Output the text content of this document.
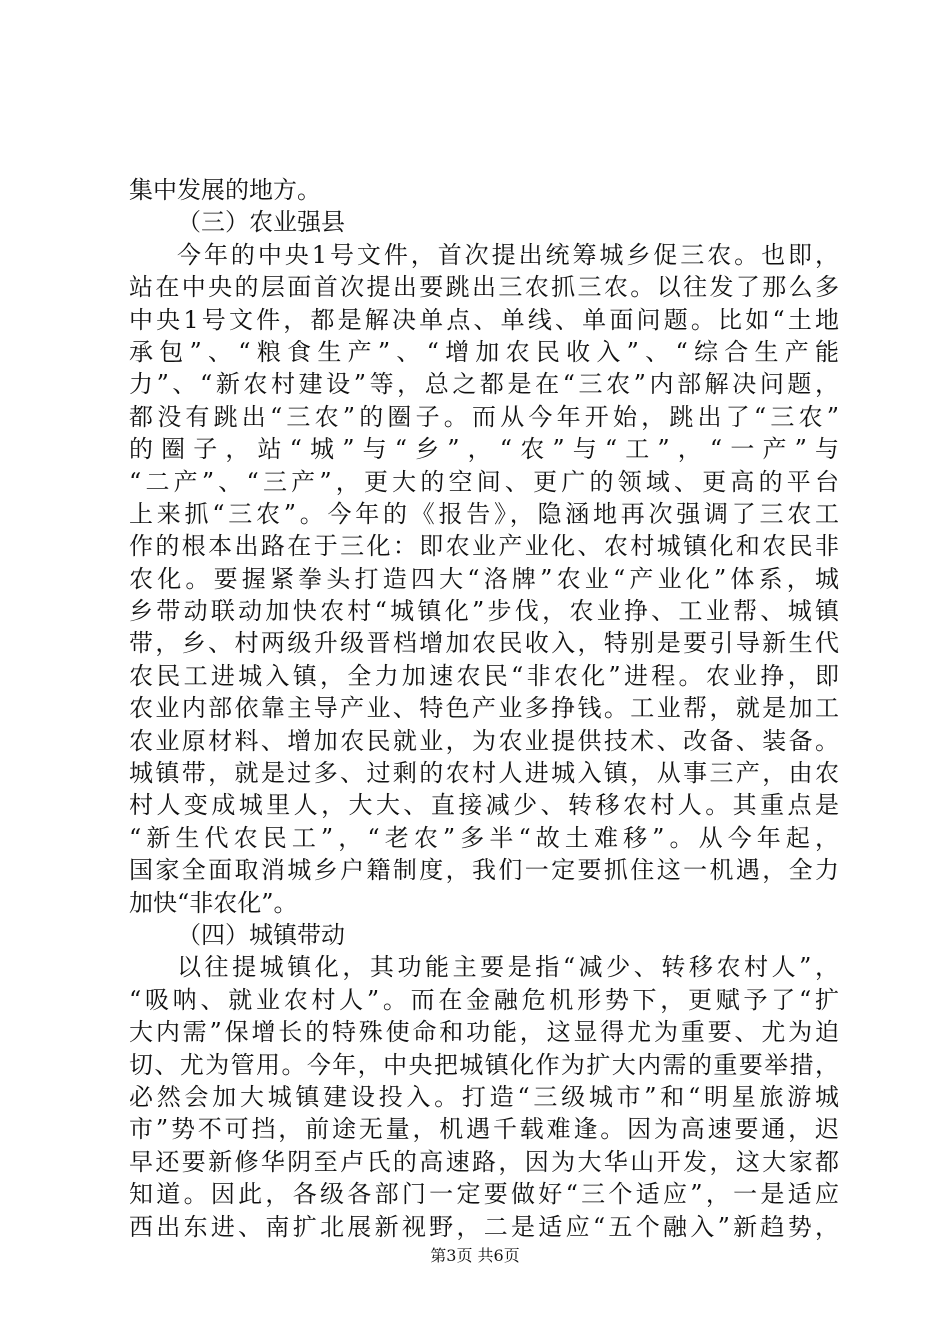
集中发展的地方。
（三）农业强县
今年的中央1号文件，首次提出统筹城乡促三农。也即，
站在中央的层面首次提出要跳出三农抓三农。以往发了那么多
中央1号文件，都是解决单点、单线、单面问题。比如“土地
承包”、“粮食生产”、“增加农民收入”、“综合生产能
力”、“新农村建设”等，总之都是在“三农”内部解决问题，
都没有跳出“三农”的圈子。而从今年开始，跳出了“三农”
的圈子，站“城”与“乡”，“农”与“工”，“一产”与
“二产”、“三产”，更大的空间、更广的领域、更高的平台
上来抓“三农”。今年的《报告》，隐涵地再次强调了三农工
作的根本出路在于三化：即农业产业化、农村城镇化和农民非
农化。要握紧拳头打造四大“洛牌”农业“产业化”体系，城
乡带动联动加快农村“城镇化”步伐，农业挣、工业帮、城镇
带，乡、村两级升级晋档增加农民收入，特别是要引导新生代
农民工进城入镇，全力加速农民“非农化”进程。农业挣，即
农业内部依靠主导产业、特色产业多挣钱。工业帮，就是加工
农业原材料、增加农民就业，为农业提供技术、改备、装备。
城镇带，就是过多、过剩的农村人进城入镇，从事三产，由农
村人变成城里人，大大、直接减少、转移农村人。其重点是
“新生代农民工”，“老农”多半“故土难移”。从今年起，
国家全面取消城乡户籍制度，我们一定要抓住这一机遇，全力
加快“非农化”。
（四）城镇带动
以往提城镇化，其功能主要是指“减少、转移农村人”，
“吸呐、就业农村人”。而在金融危机形势下，更赋予了“扩
大内需”保增长的特殊使命和功能，这显得尤为重要、尤为迫
切、尤为管用。今年，中央把城镇化作为扩大内需的重要举措，
必然会加大城镇建设投入。打造“三级城市”和“明星旅游城
市”势不可挡，前途无量，机遇千载难逢。因为高速要通，迟
早还要新修华阴至卢氏的高速路，因为大华山开发，这大家都
知道。因此，各级各部门一定要做好“三个适应”，一是适应
西出东进、南扩北展新视野，二是适应“五个融入”新趋势，
第3页 共6页
